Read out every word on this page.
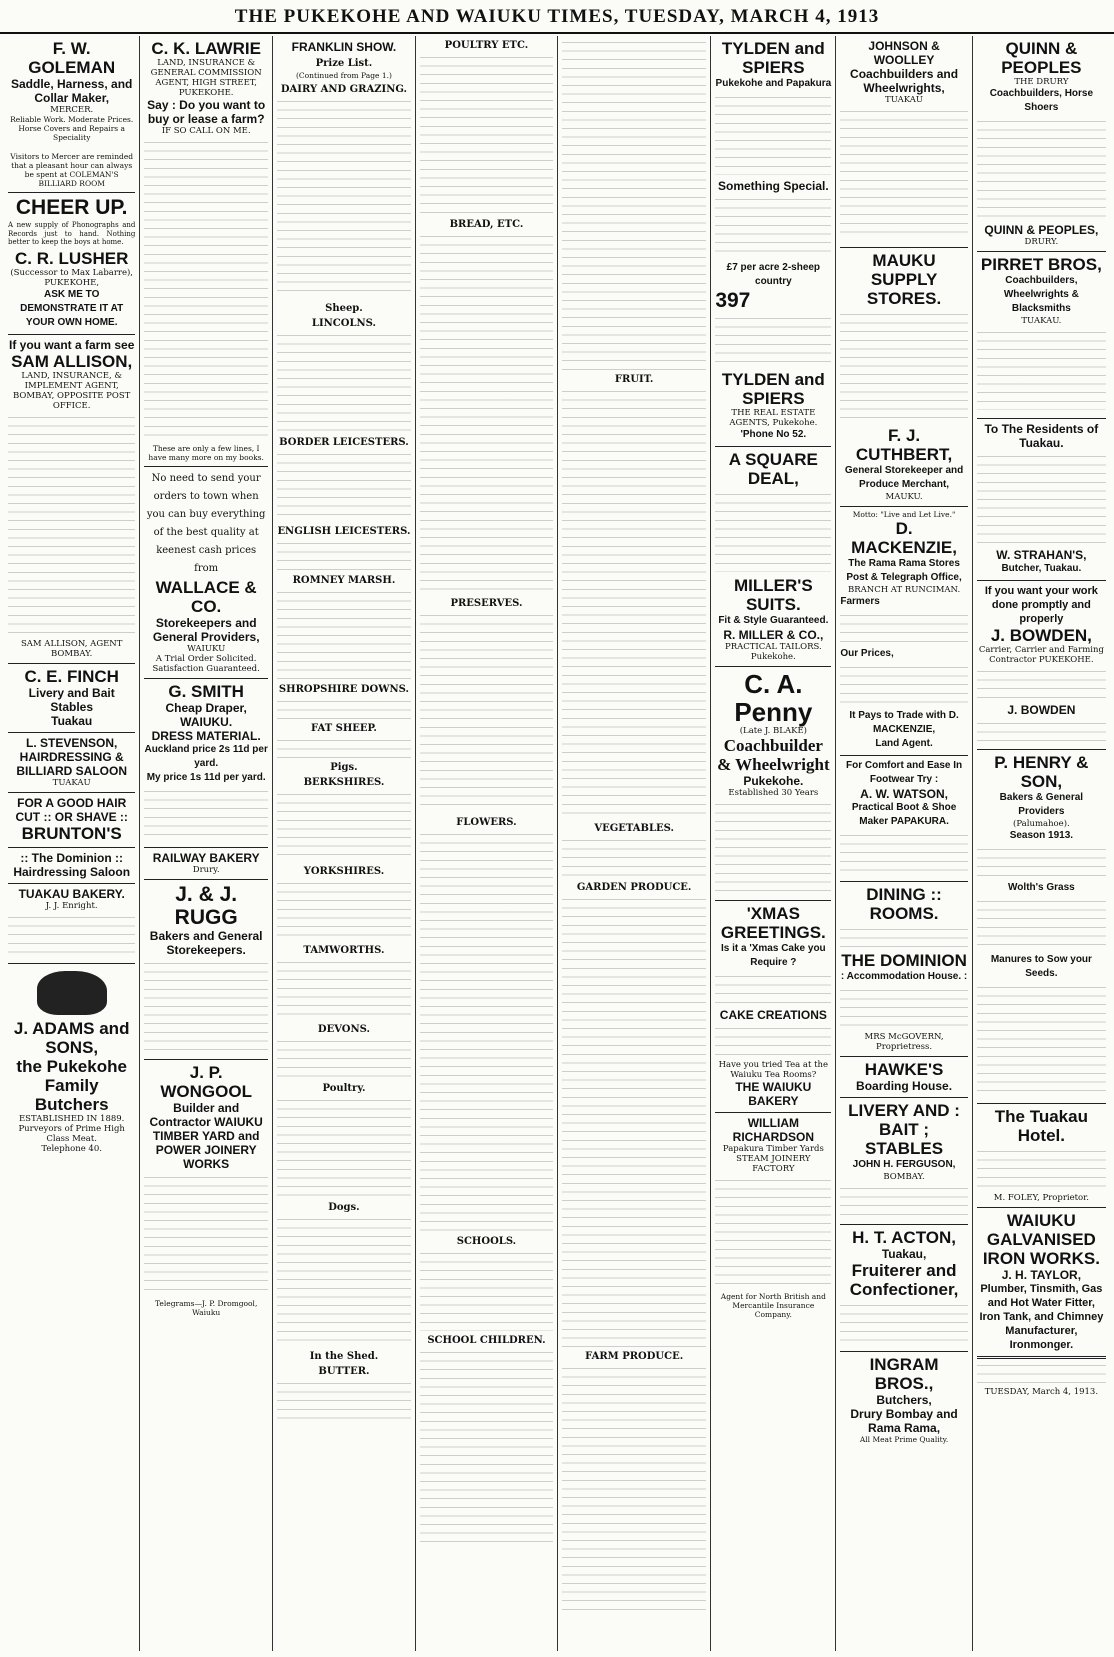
THE PUKEKOHE AND WAIUKU TIMES, TUESDAY, MARCH 4, 1913
F. W. GOLEMAN
Saddle, Harness, and Collar Maker,
MERCER.
Reliable Work. Moderate Prices.
Horse Covers and Repairs a Speciality
Visitors to Mercer are reminded that a pleasant hour can always be spent at COLEMAN'S BILLIARD ROOM
CHEER UP.
A new supply of Phonographs and Records just to hand. Nothing better to keep the boys at home.
C. R. LUSHER
(Successor to Max Labarre), PUKEKOHE,
ASK ME TO DEMONSTRATE IT AT YOUR OWN HOME.
If you want a farm see
SAM ALLISON,
LAND, INSURANCE, & IMPLEMENT AGENT, BOMBAY, OPPOSITE POST OFFICE.
SAM ALLISON, AGENT BOMBAY.
C. E. FINCH
Livery and Bait Stables
Tuakau
L. STEVENSON, HAIRDRESSING & BILLIARD SALOON
TUAKAU
FOR A GOOD HAIR CUT :: OR SHAVE ::
BRUNTON'S
:: The Dominion :: Hairdressing Saloon
TUAKAU BAKERY.
J. J. Enright.
J. ADAMS and SONS,
the Pukekohe Family Butchers
ESTABLISHED IN 1889.
Purveyors of Prime High Class Meat.
Telephone 40.
C. K. LAWRIE
LAND, INSURANCE & GENERAL COMMISSION AGENT, HIGH STREET, PUKEKOHE.
Say : Do you want to buy or lease a farm?
IF SO CALL ON ME.
These are only a few lines, I have many more on my books.
No need to send your orders to town when you can buy everything of the best quality at keenest cash prices from
WALLACE & CO.
Storekeepers and General Providers,
WAIUKU
A Trial Order Solicited. Satisfaction Guaranteed.
G. SMITH
Cheap Draper, WAIUKU.
DRESS MATERIAL.
Auckland price 2s 11d per yard.
My price 1s 11d per yard.
RAILWAY BAKERY
Drury.
J. & J. RUGG
Bakers and General Storekeepers.
J. P. WONGOOL
Builder and Contractor WAIUKU TIMBER YARD and POWER JOINERY WORKS
Telegrams—J. P. Dromgool, Waiuku
FRANKLIN SHOW.
Prize List.
(Continued from Page 1.)
DAIRY AND GRAZING.
Sheep.
LINCOLNS.
BORDER LEICESTERS.
ENGLISH LEICESTERS.
ROMNEY MARSH.
SHROPSHIRE DOWNS.
FAT SHEEP.
Pigs.
BERKSHIRES.
YORKSHIRES.
TAMWORTHS.
DEVONS.
Poultry.
Dogs.
In the Shed.
BUTTER.
POULTRY ETC.
BREAD, ETC.
PRESERVES.
FLOWERS.
SCHOOLS.
SCHOOL CHILDREN.
FRUIT.
VEGETABLES.
GARDEN PRODUCE.
FARM PRODUCE.
TYLDEN and SPIERS
Pukekohe and Papakura
Something Special.
£7 per acre 2-sheep country
397
TYLDEN and SPIERS
THE REAL ESTATE AGENTS, Pukekohe.
'Phone No 52.
A SQUARE DEAL,
MILLER'S SUITS.
Fit & Style Guaranteed.
R. MILLER & CO.,
PRACTICAL TAILORS. Pukekohe.
C. A. Penny
(Late J. BLAKE)
Coachbuilder & Wheelwright
Pukekohe.
Established 30 Years
'XMAS GREETINGS.
Is it a 'Xmas Cake you Require ?
CAKE CREATIONS
Have you tried Tea at the Waiuku Tea Rooms?
THE WAIUKU BAKERY
WILLIAM RICHARDSON
Papakura Timber Yards
STEAM JOINERY FACTORY
Agent for North British and Mercantile Insurance Company.
JOHNSON & WOOLLEY
Coachbuilders and Wheelwrights,
TUAKAU
MAUKU SUPPLY STORES.
F. J. CUTHBERT,
General Storekeeper and Produce Merchant,
MAUKU.
Motto: "Live and Let Live."
D. MACKENZIE,
The Rama Rama Stores Post & Telegraph Office,
BRANCH AT RUNCIMAN.
Farmers
Our Prices,
It Pays to Trade with D. MACKENZIE,
Land Agent.
For Comfort and Ease In Footwear Try :
A. W. WATSON,
Practical Boot & Shoe Maker PAPAKURA.
DINING :: ROOMS.
THE DOMINION
: Accommodation House. :
MRS McGOVERN, Proprietress.
HAWKE'S
Boarding House.
LIVERY AND : BAIT ; STABLES
JOHN H. FERGUSON,
BOMBAY.
H. T. ACTON,
Tuakau,
Fruiterer and Confectioner,
INGRAM BROS.,
Butchers,
Drury Bombay and Rama Rama,
All Meat Prime Quality.
QUINN & PEOPLES
THE DRURY
Coachbuilders, Horse Shoers
QUINN & PEOPLES,
DRURY.
PIRRET BROS,
Coachbuilders, Wheelwrights & Blacksmiths
TUAKAU.
To The Residents of Tuakau.
W. STRAHAN'S,
Butcher, Tuakau.
If you want your work done promptly and properly
J. BOWDEN,
Carrier, Carrier and Farming Contractor PUKEKOHE.
J. BOWDEN
P. HENRY & SON,
Bakers & General Providers
(Palumahoe).
Season 1913.
Wolth's Grass
Manures to Sow your Seeds.
The Tuakau Hotel.
M. FOLEY, Proprietor.
WAIUKU GALVANISED IRON WORKS.
J. H. TAYLOR,
Plumber, Tinsmith, Gas and Hot Water Fitter, Iron Tank, and Chimney Manufacturer, Ironmonger.
TUESDAY, March 4, 1913.
